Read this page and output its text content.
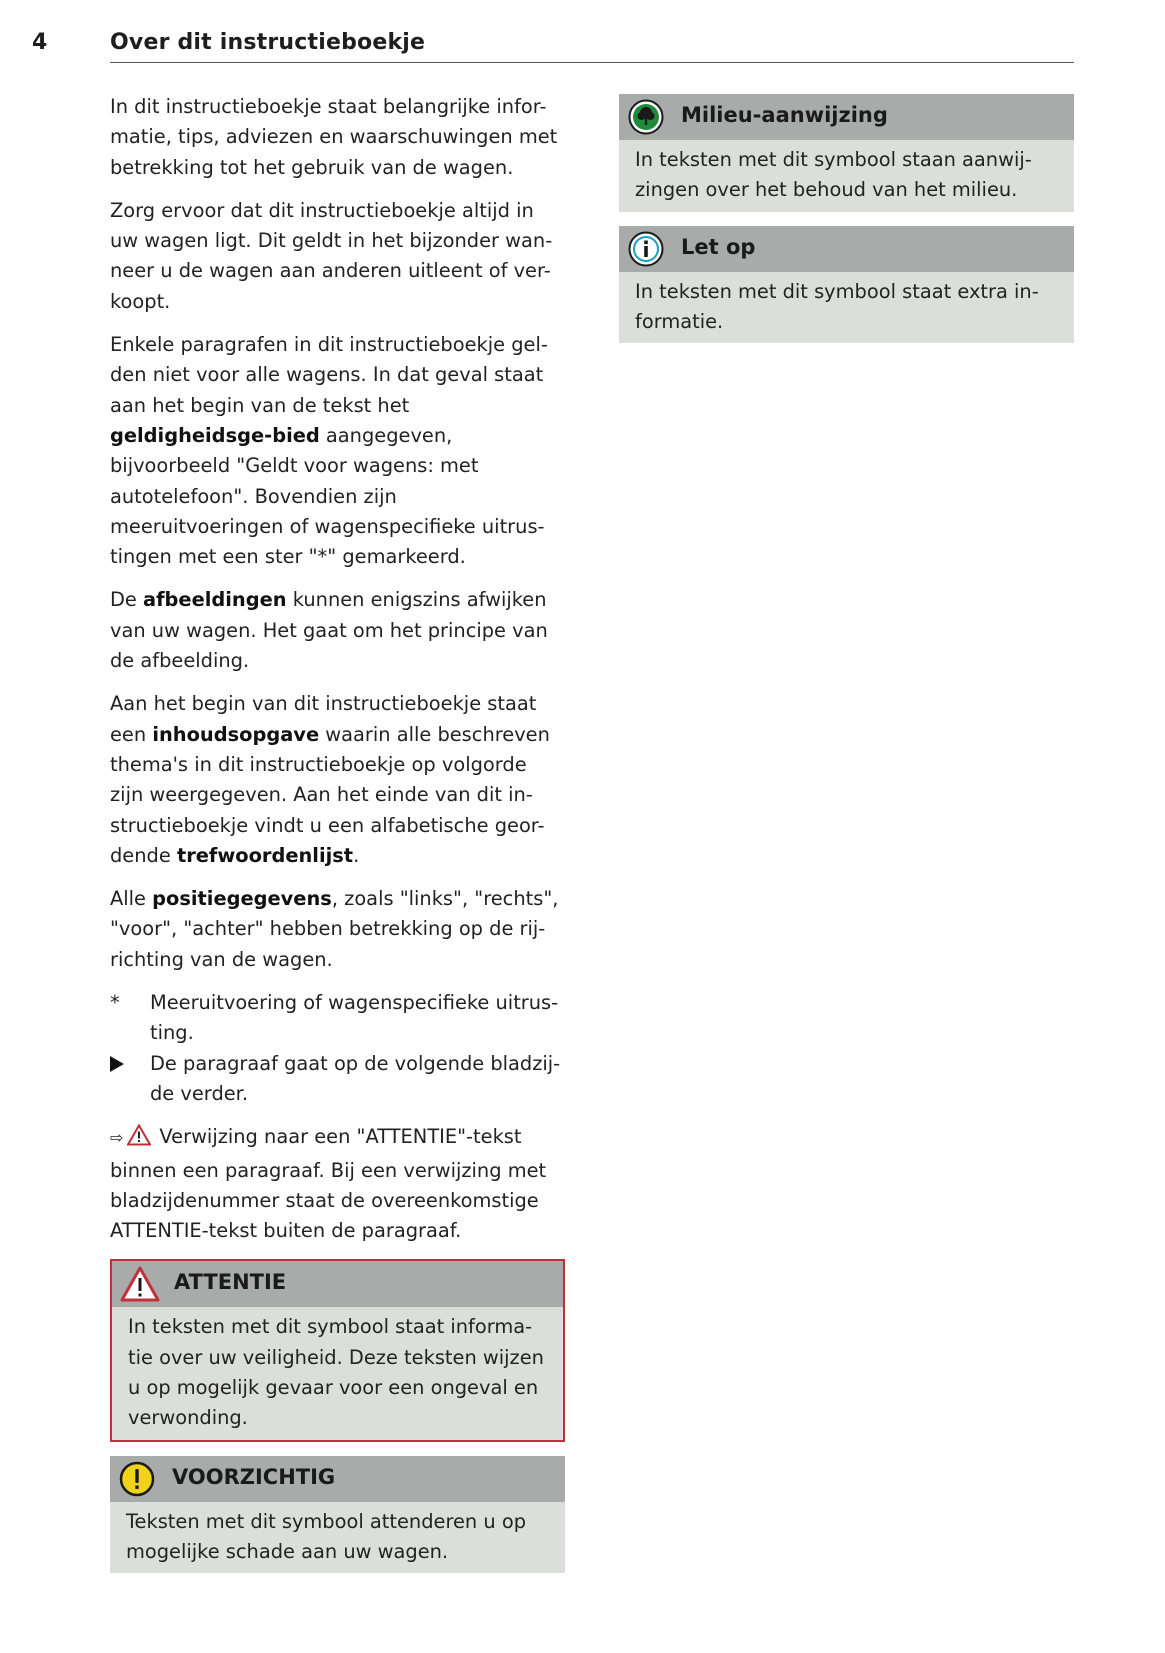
4	Over dit instructieboekje

In dit instructieboekje staat belangrijke infor-matie, tips, adviezen en waarschuwingen met betrekking tot het gebruik van de wagen.

Zorg ervoor dat dit instructieboekje altijd in uw wagen ligt. Dit geldt in het bijzonder wan-neer u de wagen aan anderen uitleent of ver-koopt.

Enkele paragrafen in dit instructieboekje gel-den niet voor alle wagens. In dat geval staat aan het begin van de tekst het geldigheidsge-bied aangegeven, bijvoorbeeld "Geldt voor wagens: met autotelefoon". Bovendien zijn meeruitvoeringen of wagenspecifieke uitrus-tingen met een ster "*" gemarkeerd.

De afbeeldingen kunnen enigszins afwijken van uw wagen. Het gaat om het principe van de afbeelding.

Aan het begin van dit instructieboekje staat een inhoudsopgave waarin alle beschreven thema's in dit instructieboekje op volgorde zijn weergegeven. Aan het einde van dit in-structieboekje vindt u een alfabetische geor-dende trefwoordenlijst.

Alle positiegegevens, zoals "links", "rechts", "voor", "achter" hebben betrekking op de rij-richting van de wagen.

*	Meeruitvoering of wagenspecifieke uitrus-ting.
De paragraaf gaat op de volgende bladzij-de verder.

⇨ Verwijzing naar een "ATTENTIE"-tekst binnen een paragraaf. Bij een verwijzing met bladzijdenummer staat de overeenkomstige ATTENTIE-tekst buiten de paragraaf.

ATTENTIE
In teksten met dit symbool staat informa-tie over uw veiligheid. Deze teksten wijzen u op mogelijk gevaar voor een ongeval en verwonding.
VOORZICHTIG
Teksten met dit symbool attenderen u op mogelijke schade aan uw wagen.
Milieu-aanwijzing
In teksten met dit symbool staan aanwij-zingen over het behoud van het milieu.
Let op
In teksten met dit symbool staat extra in-formatie.
